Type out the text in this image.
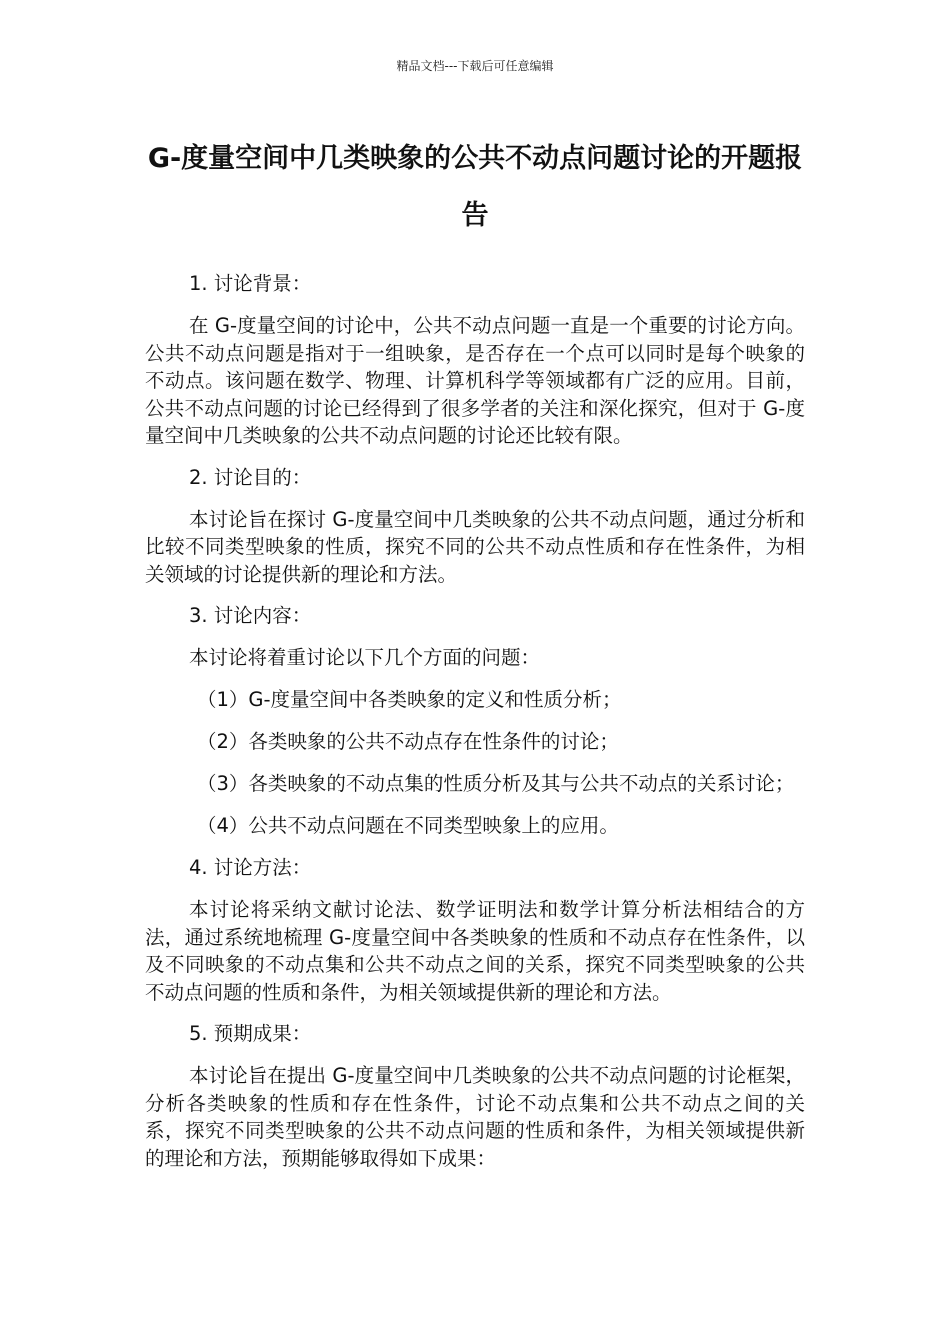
精品文档---下载后可任意编辑
G-度量空间中几类映象的公共不动点问题讨论的开题报告

1. 讨论背景：

在 G-度量空间的讨论中，公共不动点问题一直是一个重要的讨论方向。公共不动点问题是指对于一组映象，是否存在一个点可以同时是每个映象的不动点。该问题在数学、物理、计算机科学等领域都有广泛的应用。目前，公共不动点问题的讨论已经得到了很多学者的关注和深化探究，但对于 G-度量空间中几类映象的公共不动点问题的讨论还比较有限。

2. 讨论目的：

本讨论旨在探讨 G-度量空间中几类映象的公共不动点问题，通过分析和比较不同类型映象的性质，探究不同的公共不动点性质和存在性条件，为相关领域的讨论提供新的理论和方法。

3. 讨论内容：

本讨论将着重讨论以下几个方面的问题：

（1）G-度量空间中各类映象的定义和性质分析；

（2）各类映象的公共不动点存在性条件的讨论；

（3）各类映象的不动点集的性质分析及其与公共不动点的关系讨论；

（4）公共不动点问题在不同类型映象上的应用。

4. 讨论方法：

本讨论将采纳文献讨论法、数学证明法和数学计算分析法相结合的方法，通过系统地梳理 G-度量空间中各类映象的性质和不动点存在性条件，以及不同映象的不动点集和公共不动点之间的关系，探究不同类型映象的公共不动点问题的性质和条件，为相关领域提供新的理论和方法。

5. 预期成果：

本讨论旨在提出 G-度量空间中几类映象的公共不动点问题的讨论框架，分析各类映象的性质和存在性条件，讨论不动点集和公共不动点之间的关系，探究不同类型映象的公共不动点问题的性质和条件，为相关领域提供新的理论和方法，预期能够取得如下成果：
